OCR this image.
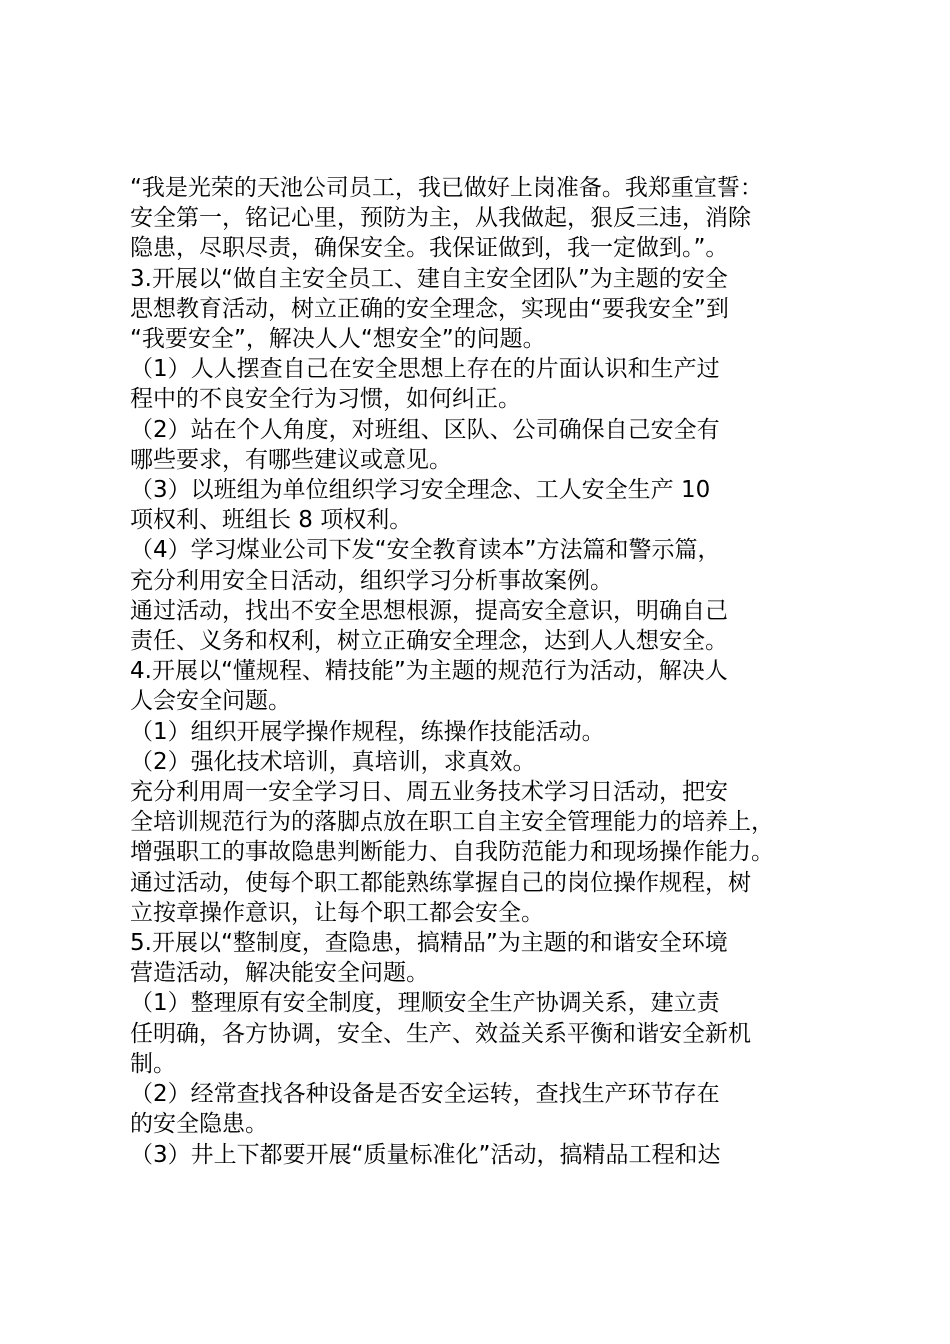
“我是光荣的天池公司员工，我已做好上岗准备。我郑重宣誓：

安全第一，铭记心里，预防为主，从我做起，狠反三违，消除

隐患，尽职尽责，确保安全。我保证做到，我一定做到。”。

3.开展以“做自主安全员工、建自主安全团队”为主题的安全

思想教育活动，树立正确的安全理念，实现由“要我安全”到

“我要安全”，解决人人“想安全”的问题。

（1）人人摆查自己在安全思想上存在的片面认识和生产过

程中的不良安全行为习惯，如何纠正。

（2）站在个人角度，对班组、区队、公司确保自己安全有

哪些要求，有哪些建议或意见。

（3）以班组为单位组织学习安全理念、工人安全生产 10

项权利、班组长 8 项权利。

（4）学习煤业公司下发“安全教育读本”方法篇和警示篇，

充分利用安全日活动，组织学习分析事故案例。

通过活动，找出不安全思想根源，提高安全意识，明确自己

责任、义务和权利，树立正确安全理念，达到人人想安全。

4.开展以“懂规程、精技能”为主题的规范行为活动，解决人

人会安全问题。

（1）组织开展学操作规程，练操作技能活动。

（2）强化技术培训，真培训，求真效。

充分利用周一安全学习日、周五业务技术学习日活动，把安

全培训规范行为的落脚点放在职工自主安全管理能力的培养上，

增强职工的事故隐患判断能力、自我防范能力和现场操作能力。

通过活动，使每个职工都能熟练掌握自己的岗位操作规程，树

立按章操作意识，让每个职工都会安全。

5.开展以“整制度，查隐患，搞精品”为主题的和谐安全环境

营造活动，解决能安全问题。

（1）整理原有安全制度，理顺安全生产协调关系，建立责

任明确，各方协调，安全、生产、效益关系平衡和谐安全新机

制。

（2）经常查找各种设备是否安全运转，查找生产环节存在

的安全隐患。

（3）井上下都要开展“质量标准化”活动，搞精品工程和达
